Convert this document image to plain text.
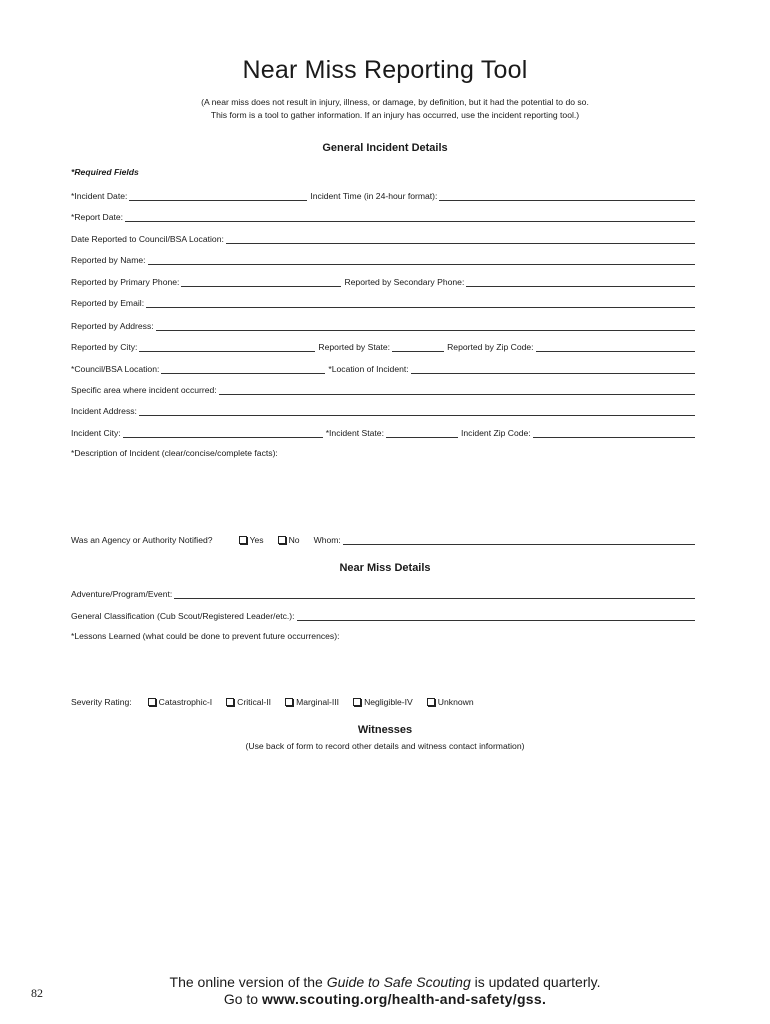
Near Miss Reporting Tool
(A near miss does not result in injury, illness, or damage, by definition, but it had the potential to do so.
This form is a tool to gather information. If an injury has occurred, use the incident reporting tool.)
General Incident Details
*Required Fields
*Incident Date:	Incident Time (in 24-hour format):
*Report Date:
Date Reported to Council/BSA Location:
Reported by Name:
Reported by Primary Phone:	Reported by Secondary Phone:
Reported by Email:
Reported by Address:
Reported by City:	Reported by State:	Reported by Zip Code:
*Council/BSA Location:	*Location of Incident:
Specific area where incident occurred:
Incident Address:
Incident City:	*Incident State:	Incident Zip Code:
*Description of Incident (clear/concise/complete facts):
Was an Agency or Authority Notified?	Yes	No Whom:
Near Miss Details
Adventure/Program/Event:
General Classification (Cub Scout/Registered Leader/etc.):
*Lessons Learned (what could be done to prevent future occurrences):
Severity Rating:	Catastrophic-I	Critical-II	Marginal-III	Negligible-IV	Unknown
Witnesses
(Use back of form to record other details and witness contact information)
The online version of the Guide to Safe Scouting is updated quarterly.
Go to www.scouting.org/health-and-safety/gss.
82
